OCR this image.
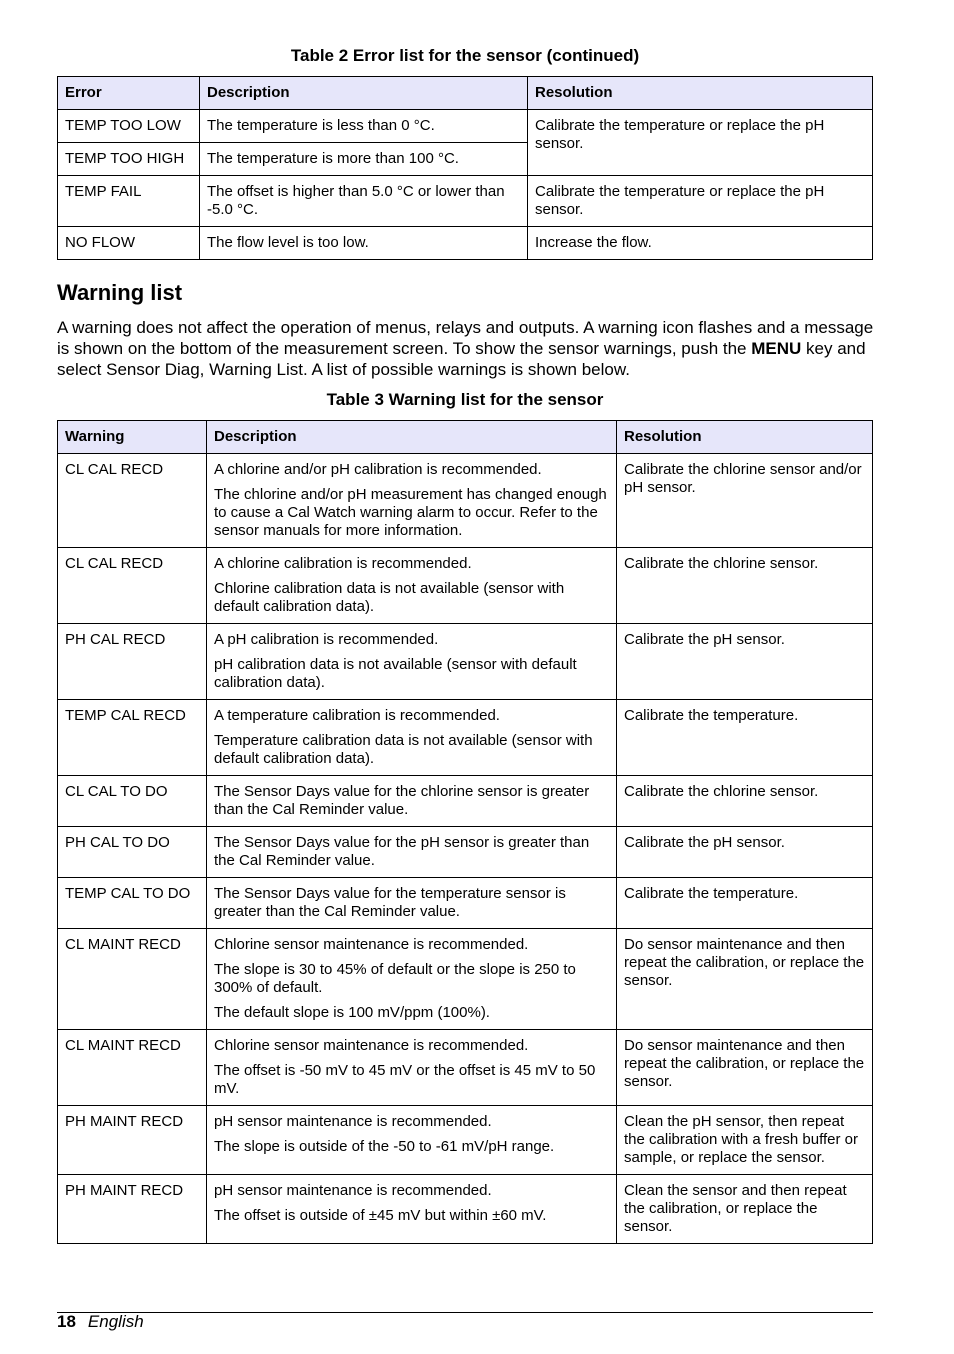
Table 2 Error list for the sensor (continued)
Error	Description	Resolution
TEMP TOO LOW	The temperature is less than 0 °C.	Calibrate the temperature or replace the pH sensor.
TEMP TOO HIGH	The temperature is more than 100 °C.	
TEMP FAIL	The offset is higher than 5.0 °C or lower than -5.0 °C.	Calibrate the temperature or replace the pH sensor.
NO FLOW	The flow level is too low.	Increase the flow.
Warning list

A warning does not affect the operation of menus, relays and outputs. A warning icon flashes and a message is shown on the bottom of the measurement screen. To show the sensor warnings, push the MENU key and select Sensor Diag, Warning List. A list of possible warnings is shown below.

Table 3 Warning list for the sensor
Warning	Description	Resolution
CL CAL RECD	A chlorine and/or pH calibration is recommended.

The chlorine and/or pH measurement has changed enough to cause a Cal Watch warning alarm to occur. Refer to the sensor manuals for more information.	Calibrate the chlorine sensor and/or pH sensor.
CL CAL RECD	A chlorine calibration is recommended.

Chlorine calibration data is not available (sensor with default calibration data).	Calibrate the chlorine sensor.
PH CAL RECD	A pH calibration is recommended.

pH calibration data is not available (sensor with default calibration data).	Calibrate the pH sensor.
TEMP CAL RECD	A temperature calibration is recommended.

Temperature calibration data is not available (sensor with default calibration data).	Calibrate the temperature.
CL CAL TO DO	The Sensor Days value for the chlorine sensor is greater than the Cal Reminder value.	Calibrate the chlorine sensor.
PH CAL TO DO	The Sensor Days value for the pH sensor is greater than the Cal Reminder value.	Calibrate the pH sensor.
TEMP CAL TO DO	The Sensor Days value for the temperature sensor is greater than the Cal Reminder value.	Calibrate the temperature.
CL MAINT RECD	Chlorine sensor maintenance is recommended.

The slope is 30 to 45% of default or the slope is 250 to 300% of default.

The default slope is 100 mV/ppm (100%).	Do sensor maintenance and then repeat the calibration, or replace the sensor.
CL MAINT RECD	Chlorine sensor maintenance is recommended.

The offset is -50 mV to 45 mV or the offset is 45 mV to 50 mV.	Do sensor maintenance and then repeat the calibration, or replace the sensor.
PH MAINT RECD	pH sensor maintenance is recommended.

The slope is outside of the -50 to -61 mV/pH range.	Clean the pH sensor, then repeat the calibration with a fresh buffer or sample, or replace the sensor.
PH MAINT RECD	pH sensor maintenance is recommended.

The offset is outside of ±45 mV but within ±60 mV.	Clean the sensor and then repeat the calibration, or replace the sensor.
18 English
